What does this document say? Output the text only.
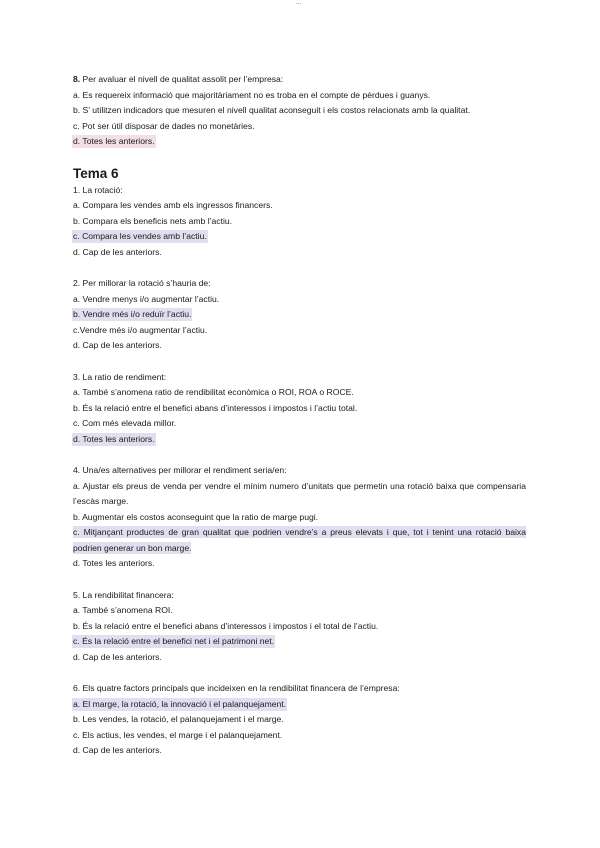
...
8. Per avaluar el nivell de qualitat assolit per l’empresa:
a. Es requereix informació que majoritàriament no es troba en el compte de pèrdues i guanys.
b. S’ utilitzen indicadors que mesuren el nivell qualitat aconseguit i els costos relacionats amb la qualitat.
c. Pot ser útil disposar de dades no monetàries.
d. Totes les anteriors.
Tema 6
1. La rotació:
a. Compara les vendes amb els ingressos financers.
b. Compara els beneficis nets amb l’actiu.
c. Compara les vendes amb l’actiu.
d. Cap de les anteriors.
2. Per millorar la rotació s’hauria de:
a. Vendre menys i/o augmentar l’actiu.
b. Vendre més i/o reduïr l’actiu.
c.Vendre més i/o augmentar l’actiu.
d. Cap de les anteriors.
3. La ratio de rendiment:
a. També s’anomena ratio de rendibilitat econòmica o ROI, ROA o ROCE.
b. És la relació entre el benefici abans d’interessos i impostos i l’actiu total.
c. Com més elevada millor.
d. Totes les anteriors.
4. Una/es alternatives per millorar el rendiment seria/en:
a. Ajustar els preus de venda per vendre el mínim numero d’unitats que permetin una rotació baixa que compensaria l’escàs marge.
b. Augmentar els costos aconseguint que la ratio de marge pugi.
c. Mitjançant productes de gran qualitat que podrien vendre’s a preus elevats i que, tot i tenint una rotació baixa podrien generar un bon marge.
d. Totes les anteriors.
5. La rendibilitat financera:
a. També s’anomena ROI.
b. És la relació entre el benefici abans d’interessos i impostos i el total de l’actiu.
c. És la relació entre el benefici net i el patrimoni net.
d. Cap de les anteriors.
6. Els quatre factors principals que incideixen en la rendibilitat financera de l’empresa:
a. El marge, la rotació, la innovació i el palanquejament.
b. Les vendes, la rotació, el palanquejament i el marge.
c. Els actius, les vendes, el marge i el palanquejament.
d. Cap de les anteriors.
